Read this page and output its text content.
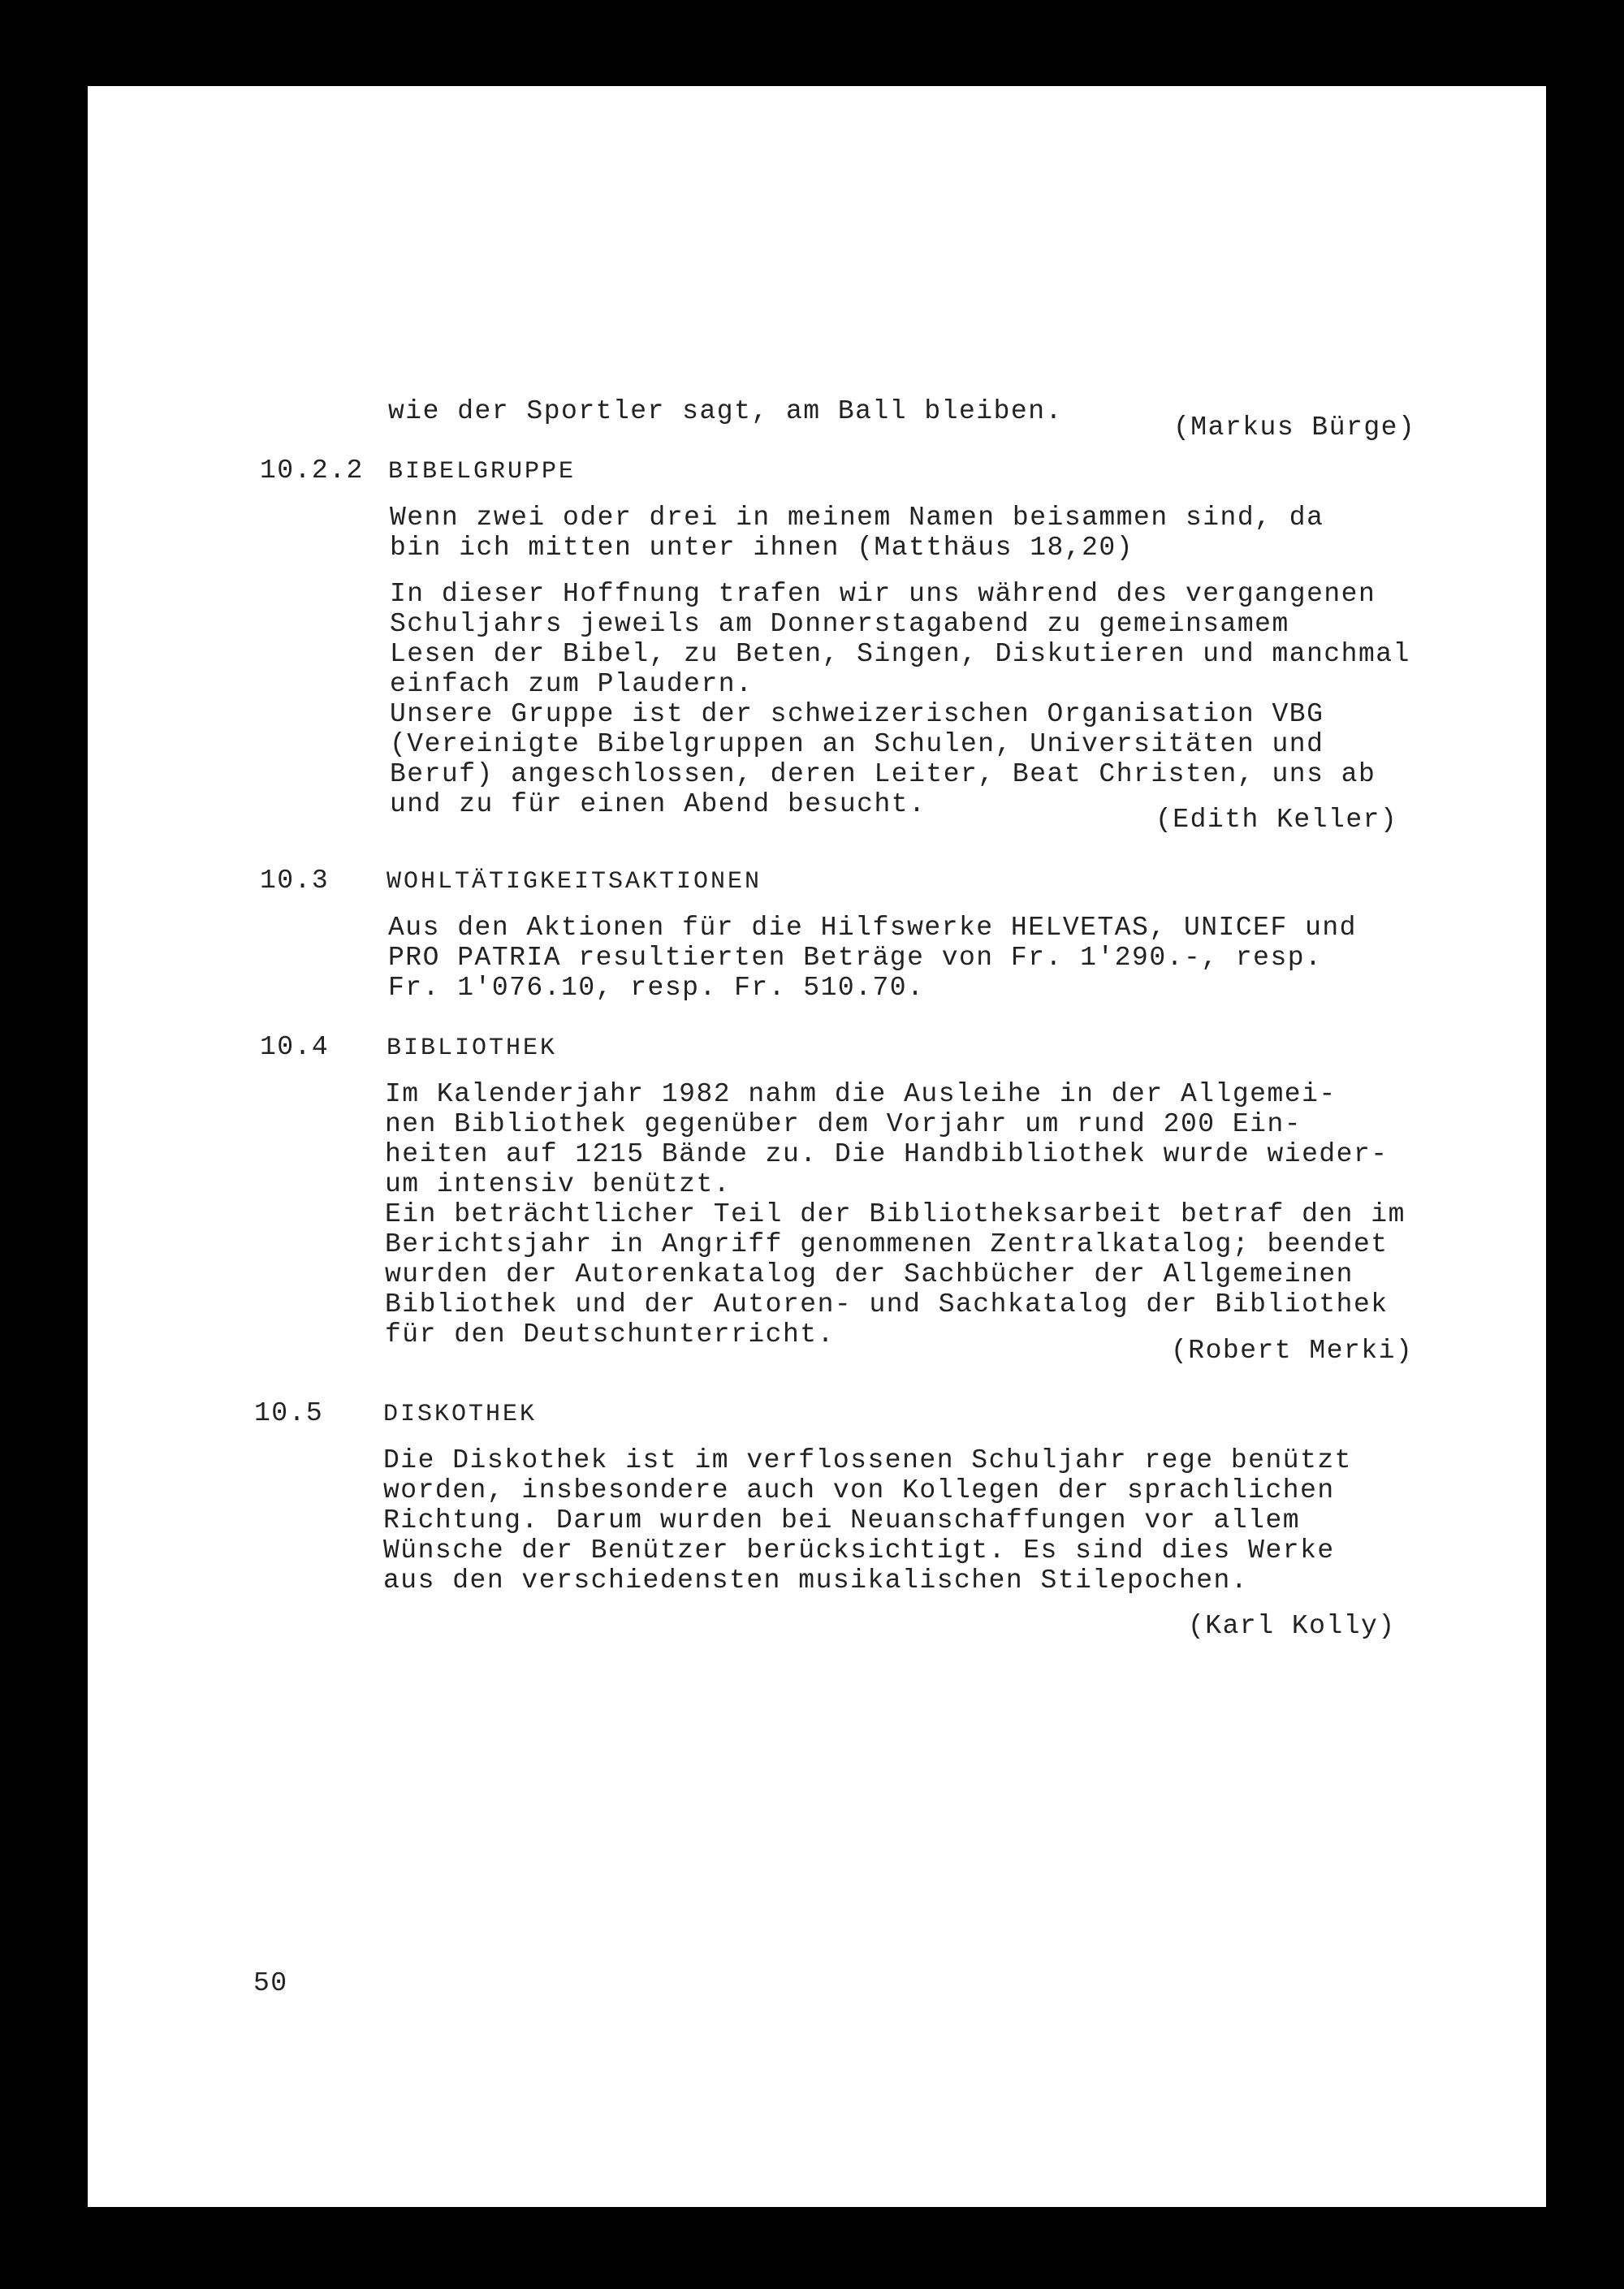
wie der Sportler sagt, am Ball bleiben.
(Markus Bürge)
10.2.2 BIBELGRUPPE
Wenn zwei oder drei in meinem Namen beisammen sind, da
bin ich mitten unter ihnen (Matthäus 18,20)
In dieser Hoffnung trafen wir uns während des vergangenen
Schuljahrs jeweils am Donnerstagabend zu gemeinsamem
Lesen der Bibel, zu Beten, Singen, Diskutieren und manchmal
einfach zum Plaudern.
Unsere Gruppe ist der schweizerischen Organisation VBG
(Vereinigte Bibelgruppen an Schulen, Universitäten und
Beruf) angeschlossen, deren Leiter, Beat Christen, uns ab
und zu für einen Abend besucht.
(Edith Keller)
10.3 WOHLTÄTIGKEITSAKTIONEN
Aus den Aktionen für die Hilfswerke HELVETAS, UNICEF und
PRO PATRIA resultierten Beträge von Fr. 1'290.-, resp.
Fr. 1'076.10, resp. Fr. 510.70.
10.4 BIBLIOTHEK
Im Kalenderjahr 1982 nahm die Ausleihe in der Allgemei-
nen Bibliothek gegenüber dem Vorjahr um rund 200 Ein-
heiten auf 1215 Bände zu. Die Handbibliothek wurde wieder-
um intensiv benützt.
Ein beträchtlicher Teil der Bibliotheksarbeit betraf den im
Berichtsjahr in Angriff genommenen Zentralkatalog; beendet
wurden der Autorenkatalog der Sachbücher der Allgemeinen
Bibliothek und der Autoren- und Sachkatalog der Bibliothek
für den Deutschunterricht.
(Robert Merki)
10.5 DISKOTHEK
Die Diskothek ist im verflossenen Schuljahr rege benützt
worden, insbesondere auch von Kollegen der sprachlichen
Richtung. Darum wurden bei Neuanschaffungen vor allem
Wünsche der Benützer berücksichtigt. Es sind dies Werke
aus den verschiedensten musikalischen Stilepochen.
(Karl Kolly)
50
